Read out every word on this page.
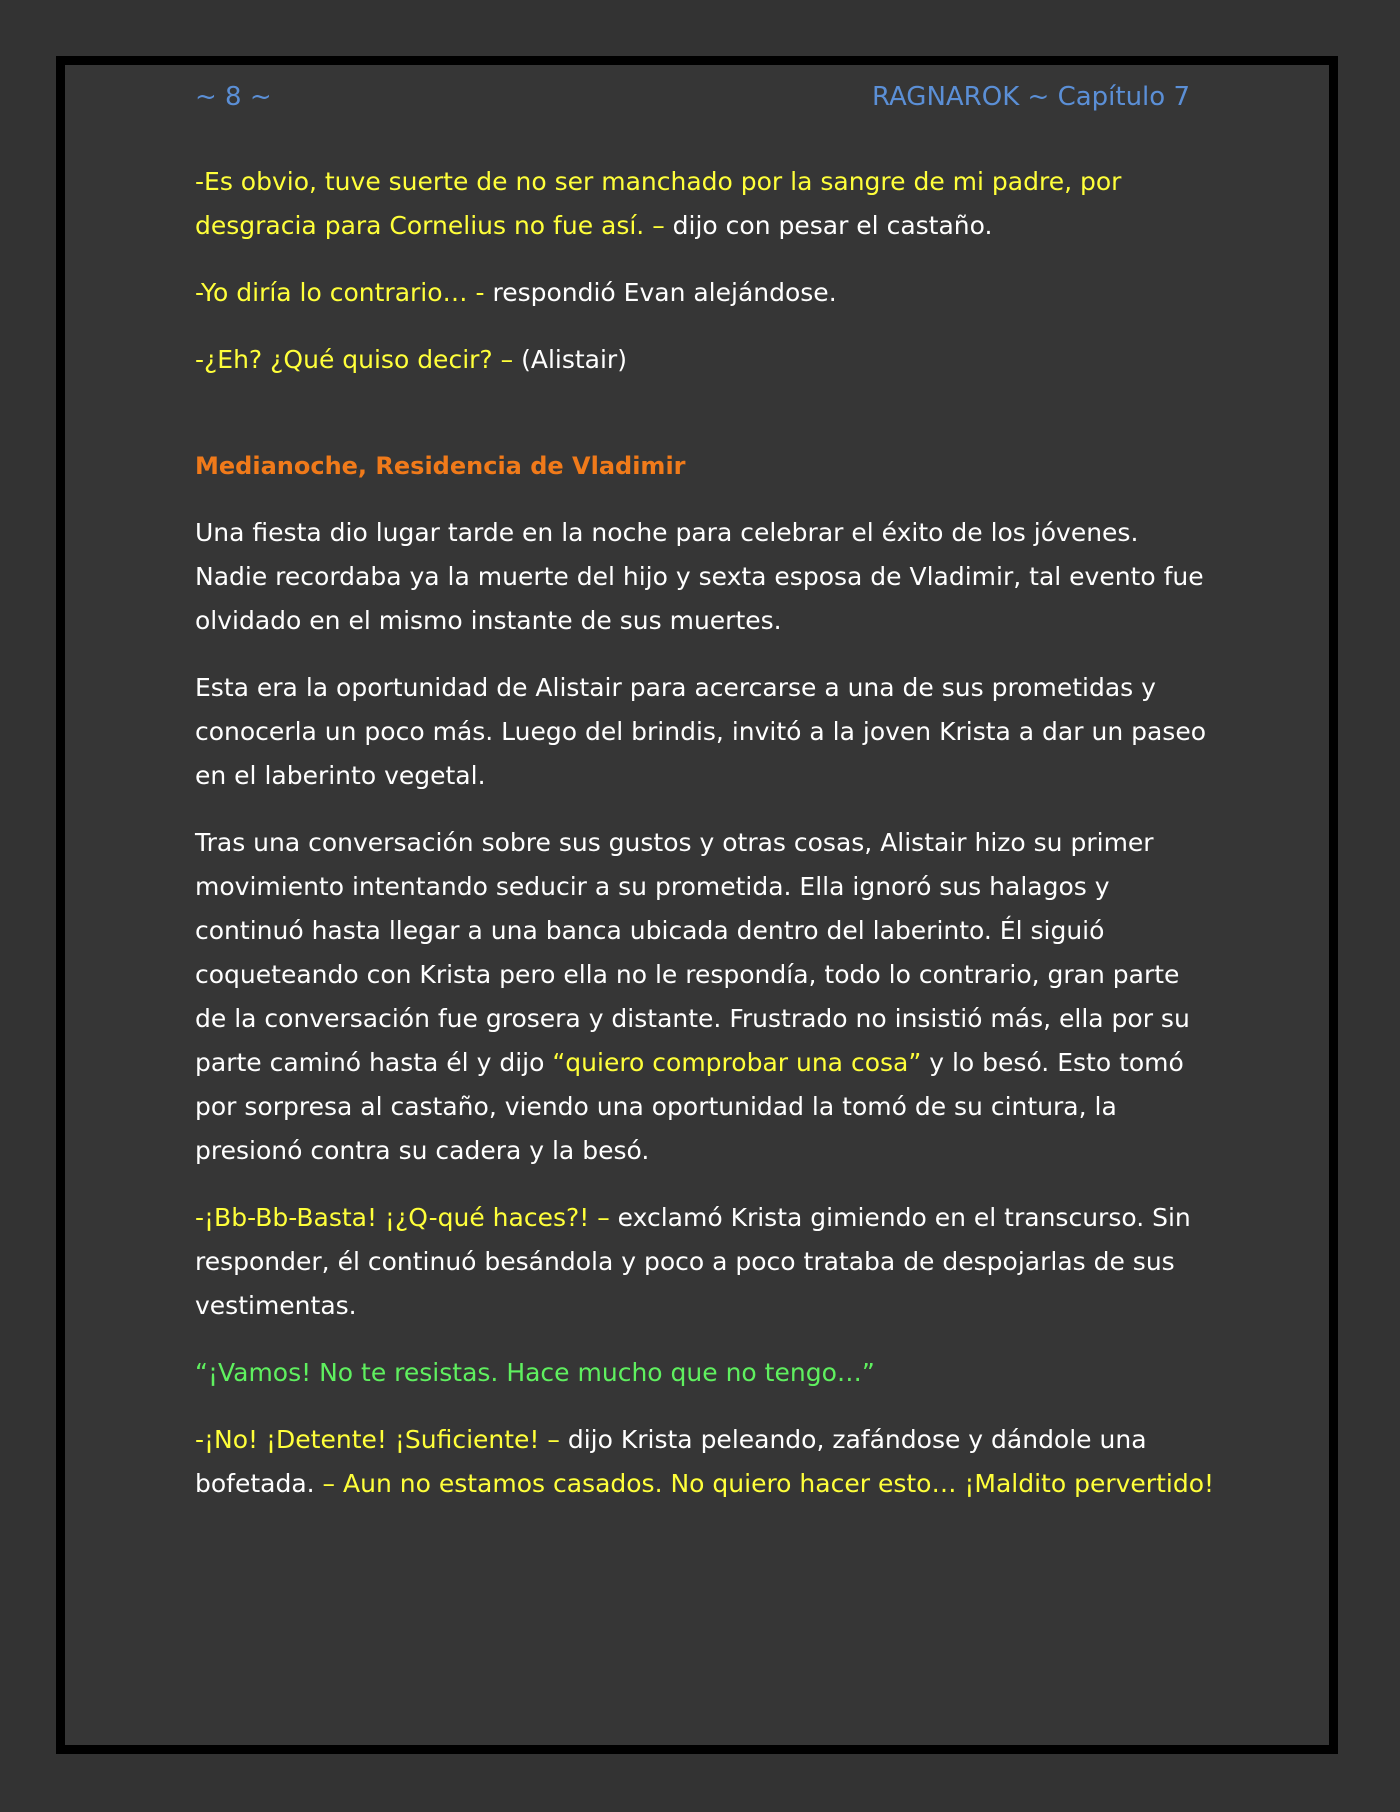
~ 8 ~	RAGNAROK ~ Capítulo 7

-Es obvio, tuve suerte de no ser manchado por la sangre de mi padre, por desgracia para Cornelius no fue así. – dijo con pesar el castaño.

-Yo diría lo contrario… - respondió Evan alejándose.

-¿Eh? ¿Qué quiso decir? – (Alistair)

Medianoche, Residencia de Vladimir

Una fiesta dio lugar tarde en la noche para celebrar el éxito de los jóvenes. Nadie recordaba ya la muerte del hijo y sexta esposa de Vladimir, tal evento fue olvidado en el mismo instante de sus muertes.

Esta era la oportunidad de Alistair para acercarse a una de sus prometidas y conocerla un poco más. Luego del brindis, invitó a la joven Krista a dar un paseo en el laberinto vegetal.

Tras una conversación sobre sus gustos y otras cosas, Alistair hizo su primer movimiento intentando seducir a su prometida. Ella ignoró sus halagos y continuó hasta llegar a una banca ubicada dentro del laberinto. Él siguió coqueteando con Krista pero ella no le respondía, todo lo contrario, gran parte de la conversación fue grosera y distante. Frustrado no insistió más, ella por su parte caminó hasta él y dijo “quiero comprobar una cosa” y lo besó. Esto tomó por sorpresa al castaño, viendo una oportunidad la tomó de su cintura, la presionó contra su cadera y la besó.

-¡Bb-Bb-Basta! ¡¿Q-qué haces?! – exclamó Krista gimiendo en el transcurso. Sin responder, él continuó besándola y poco a poco trataba de despojarlas de sus vestimentas.

“¡Vamos! No te resistas. Hace mucho que no tengo…”

-¡No! ¡Detente! ¡Suficiente! – dijo Krista peleando, zafándose y dándole una bofetada. – Aun no estamos casados. No quiero hacer esto… ¡Maldito pervertido!
